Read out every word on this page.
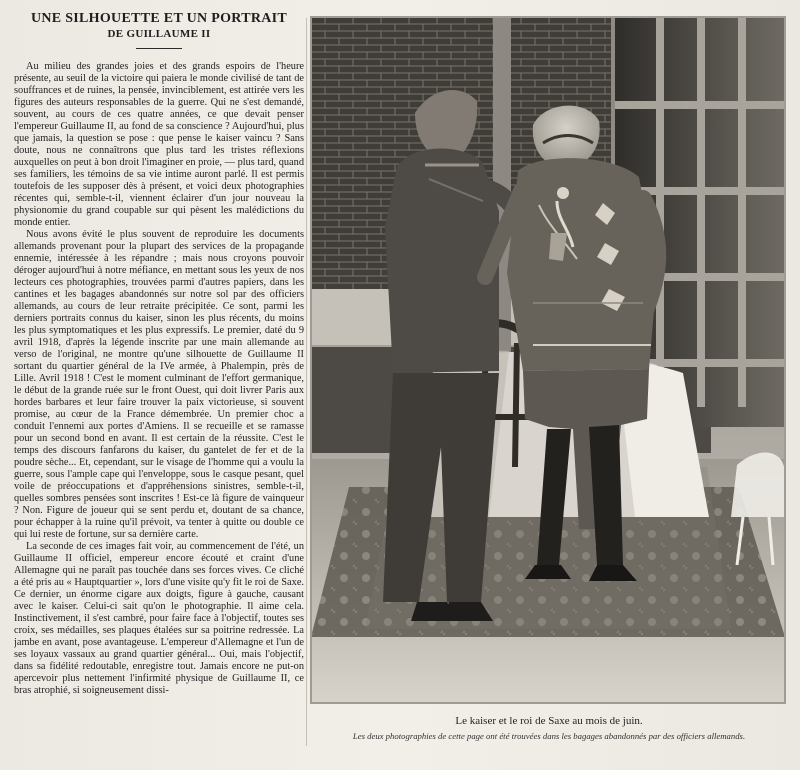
UNE SILHOUETTE ET UN PORTRAIT
DE GUILLAUME II

Au milieu des grandes joies et des grands espoirs de l'heure présente, au seuil de la victoire qui paiera le monde civilisé de tant de souffrances et de ruines, la pensée, invinciblement, est attirée vers les figures des auteurs responsables de la guerre. Qui ne s'est demandé, souvent, au cours de ces quatre années, ce que devait penser l'empereur Guillaume II, au fond de sa conscience ? Aujourd'hui, plus que jamais, la question se pose : que pense le kaiser vaincu ? Sans doute, nous ne connaîtrons que plus tard les tristes réflexions auxquelles on peut à bon droit l'imaginer en proie, — plus tard, quand ses familiers, les témoins de sa vie intime auront parlé. Il est permis toutefois de les supposer dès à présent, et voici deux photographies récentes qui, semble-t-il, viennent éclairer d'un jour nouveau la physionomie du grand coupable sur qui pèsent les malédictions du monde entier.

Nous avons évité le plus souvent de reproduire les documents allemands provenant pour la plupart des services de la propagande ennemie, intéressée à les répandre ; mais nous croyons pouvoir déroger aujourd'hui à notre méfiance, en mettant sous les yeux de nos lecteurs ces photographies, trouvées parmi d'autres papiers, dans les cantines et les bagages abandonnés sur notre sol par des officiers allemands, au cours de leur retraite précipitée. Ce sont, parmi les derniers portraits connus du kaiser, sinon les plus récents, du moins les plus symptomatiques et les plus expressifs. Le premier, daté du 9 avril 1918, d'après la légende inscrite par une main allemande au verso de l'original, ne montre qu'une silhouette de Guillaume II sortant du quartier général de la IVe armée, à Phalempin, près de Lille. Avril 1918 ! C'est le moment culminant de l'effort germanique, le début de la grande ruée sur le front Ouest, qui doit livrer Paris aux hordes barbares et leur faire trouver la paix victorieuse, si souvent promise, au cœur de la France démembrée. Un premier choc a conduit l'ennemi aux portes d'Amiens. Il se recueille et se ramasse pour un second bond en avant. Il est certain de la réussite. C'est le temps des discours fanfarons du kaiser, du gantelet de fer et de la poudre sèche... Et, cependant, sur le visage de l'homme qui a voulu la guerre, sous l'ample cape qui l'enveloppe, sous le casque pesant, quel voile de préoccupations et d'appréhensions sinistres, semble-t-il, quelles sombres pensées sont inscrites ! Est-ce là figure de vainqueur ? Non. Figure de joueur qui se sent perdu et, doutant de sa chance, pour échapper à la ruine qu'il prévoit, va tenter à quitte ou double ce qui lui reste de fortune, sur sa dernière carte.

La seconde de ces images fait voir, au commencement de l'été, un Guillaume II officiel, empereur encore écouté et craint d'une Allemagne qui ne paraît pas touchée dans ses forces vives. Ce cliché a été pris au « Hauptquartier », lors d'une visite qu'y fit le roi de Saxe. Ce dernier, un énorme cigare aux doigts, figure à gauche, causant avec le kaiser. Celui-ci sait qu'on le photographie. Il aime cela. Instinctivement, il s'est cambré, pour faire face à l'objectif, toutes ses croix, ses médailles, ses plaques étalées sur sa poitrine redressée. La jambe en avant, pose avantageuse. L'empereur d'Allemagne et l'un de ses loyaux vassaux au grand quartier général... Oui, mais l'objectif, dans sa fidélité redoutable, enregistre tout. Jamais encore ne put-on apercevoir plus nettement l'infirmité physique de Guillaume II, ce bras atrophié, si soigneusement dissi-

Le kaiser et le roi de Saxe au mois de juin.

Les deux photographies de cette page ont été trouvées dans les bagages abandonnés par des officiers allemands.
